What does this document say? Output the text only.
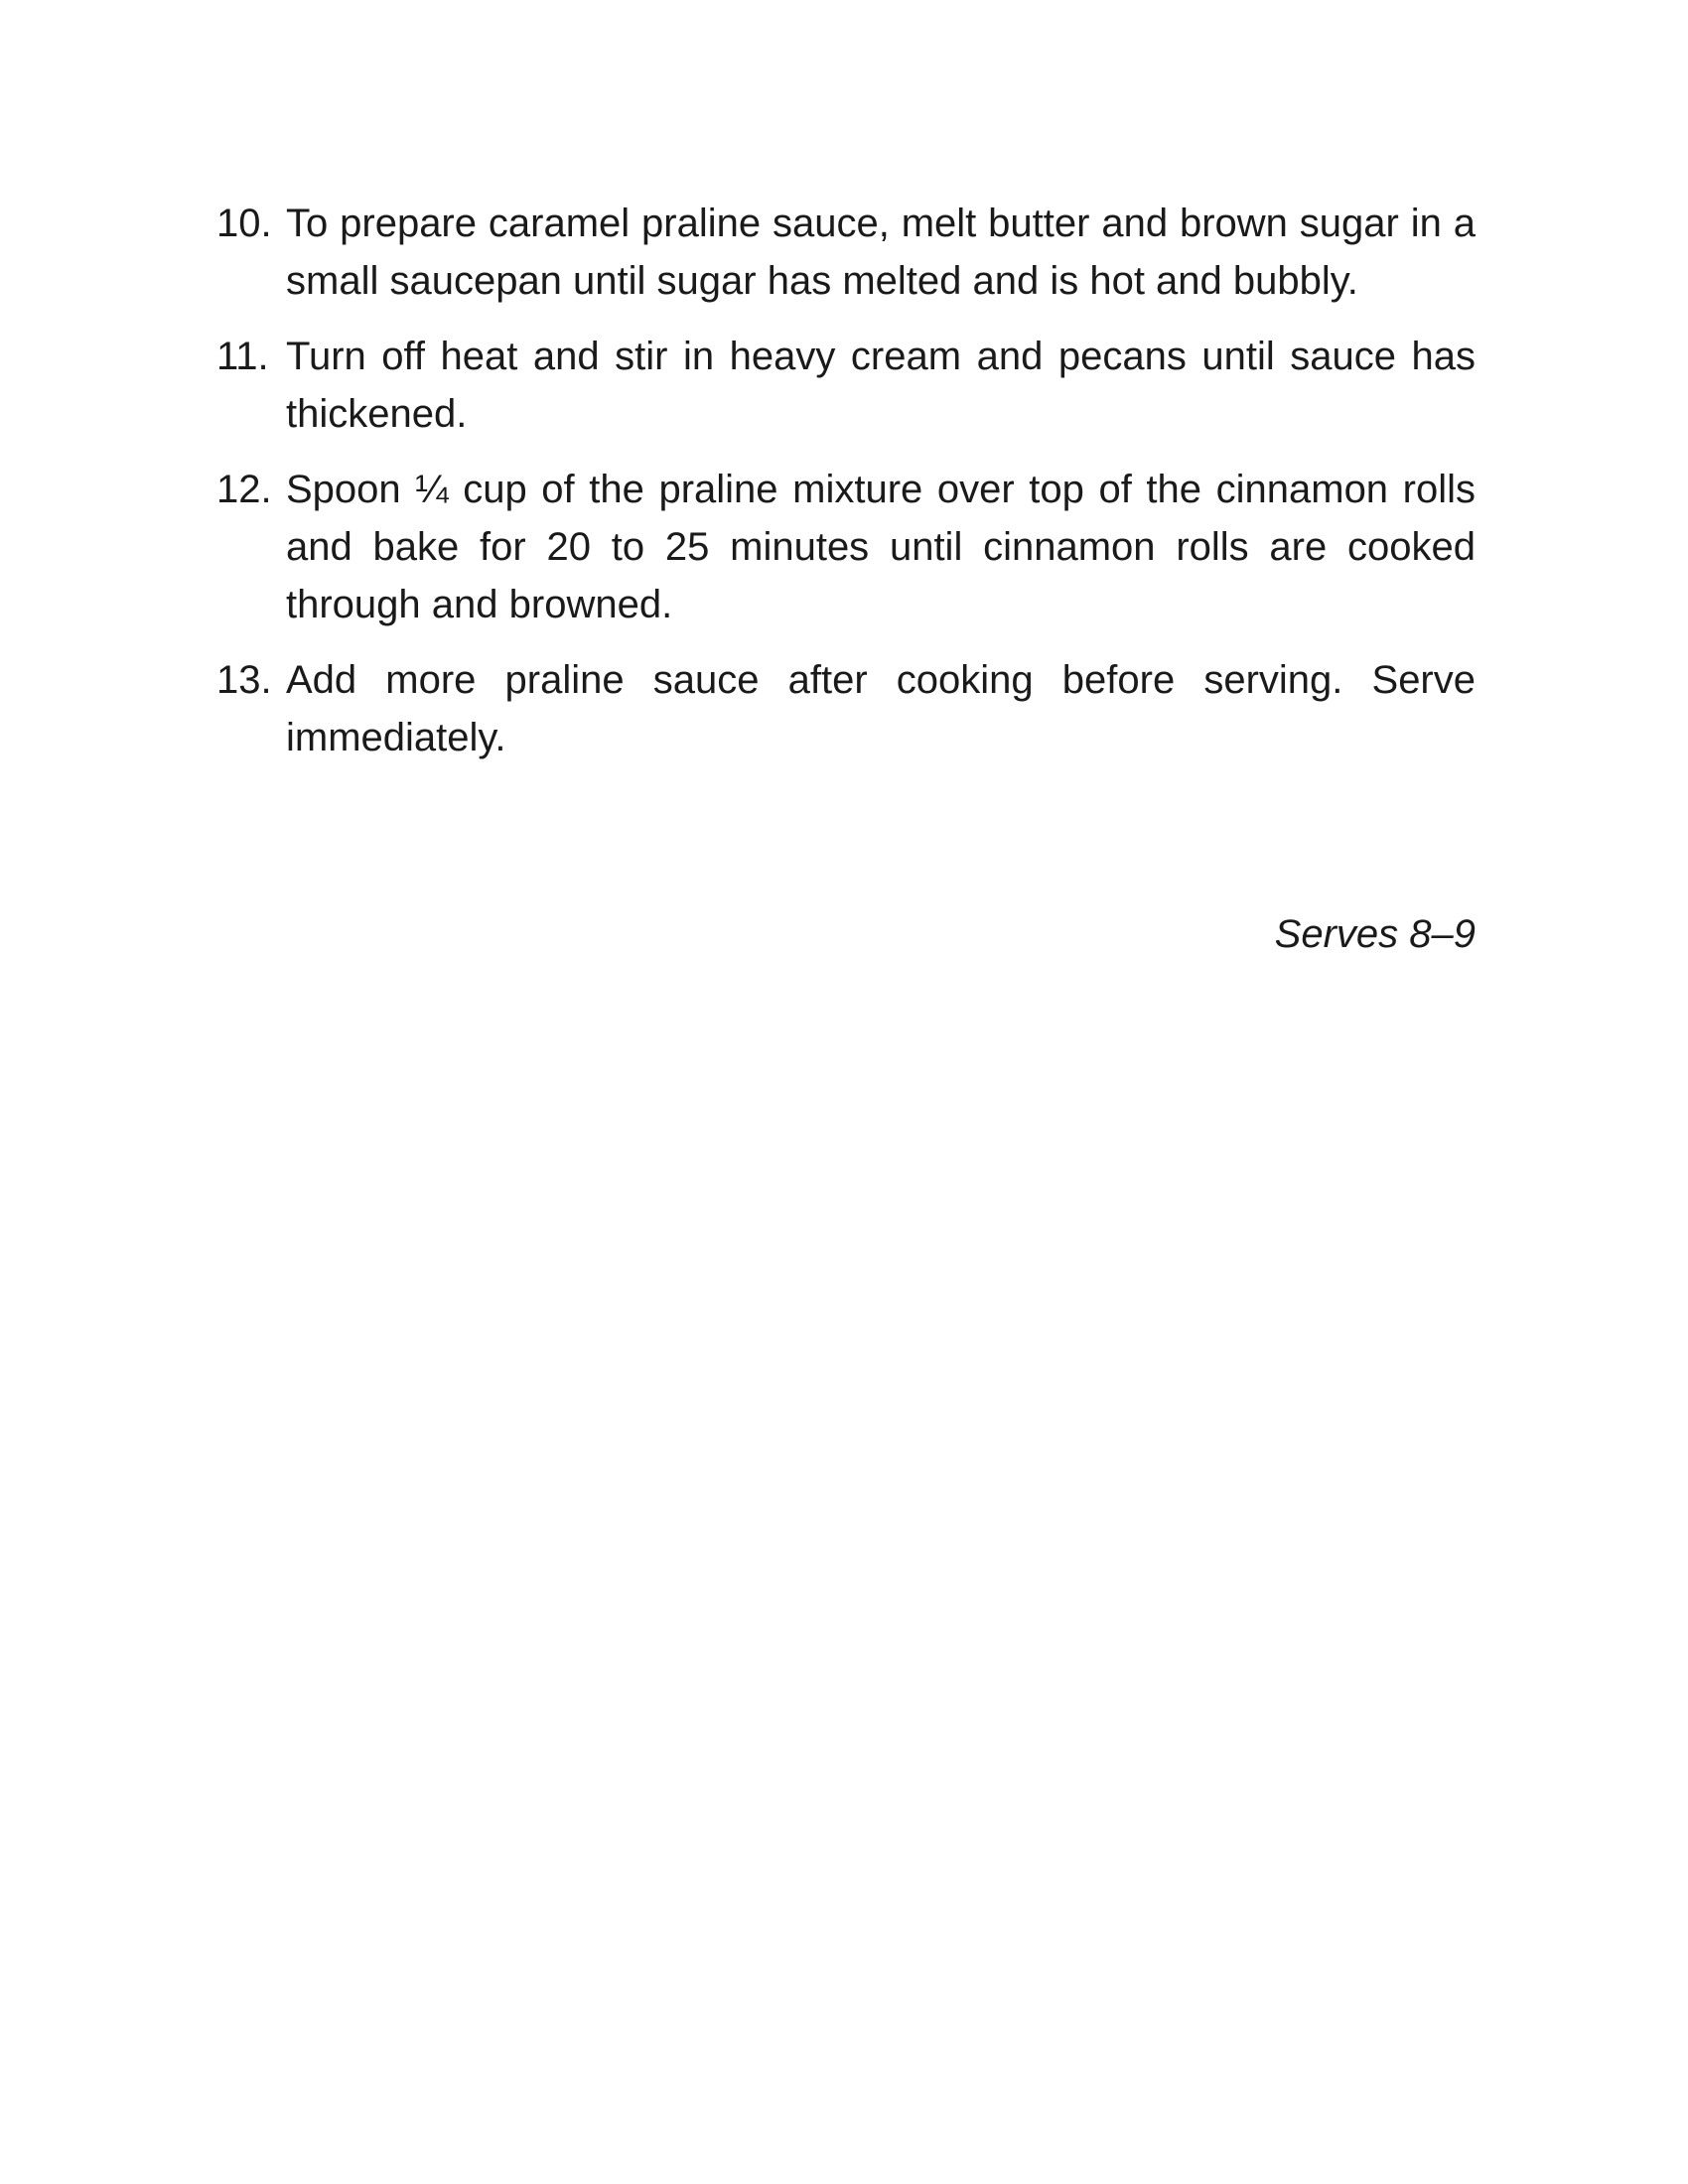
10. To prepare caramel praline sauce, melt butter and brown sugar in a small saucepan until sugar has melted and is hot and bubbly.
11. Turn off heat and stir in heavy cream and pecans until sauce has thickened.
12. Spoon ¼ cup of the praline mixture over top of the cinnamon rolls and bake for 20 to 25 minutes until cinnamon rolls are cooked through and browned.
13. Add more praline sauce after cooking before serving. Serve immediately.
Serves 8–9
